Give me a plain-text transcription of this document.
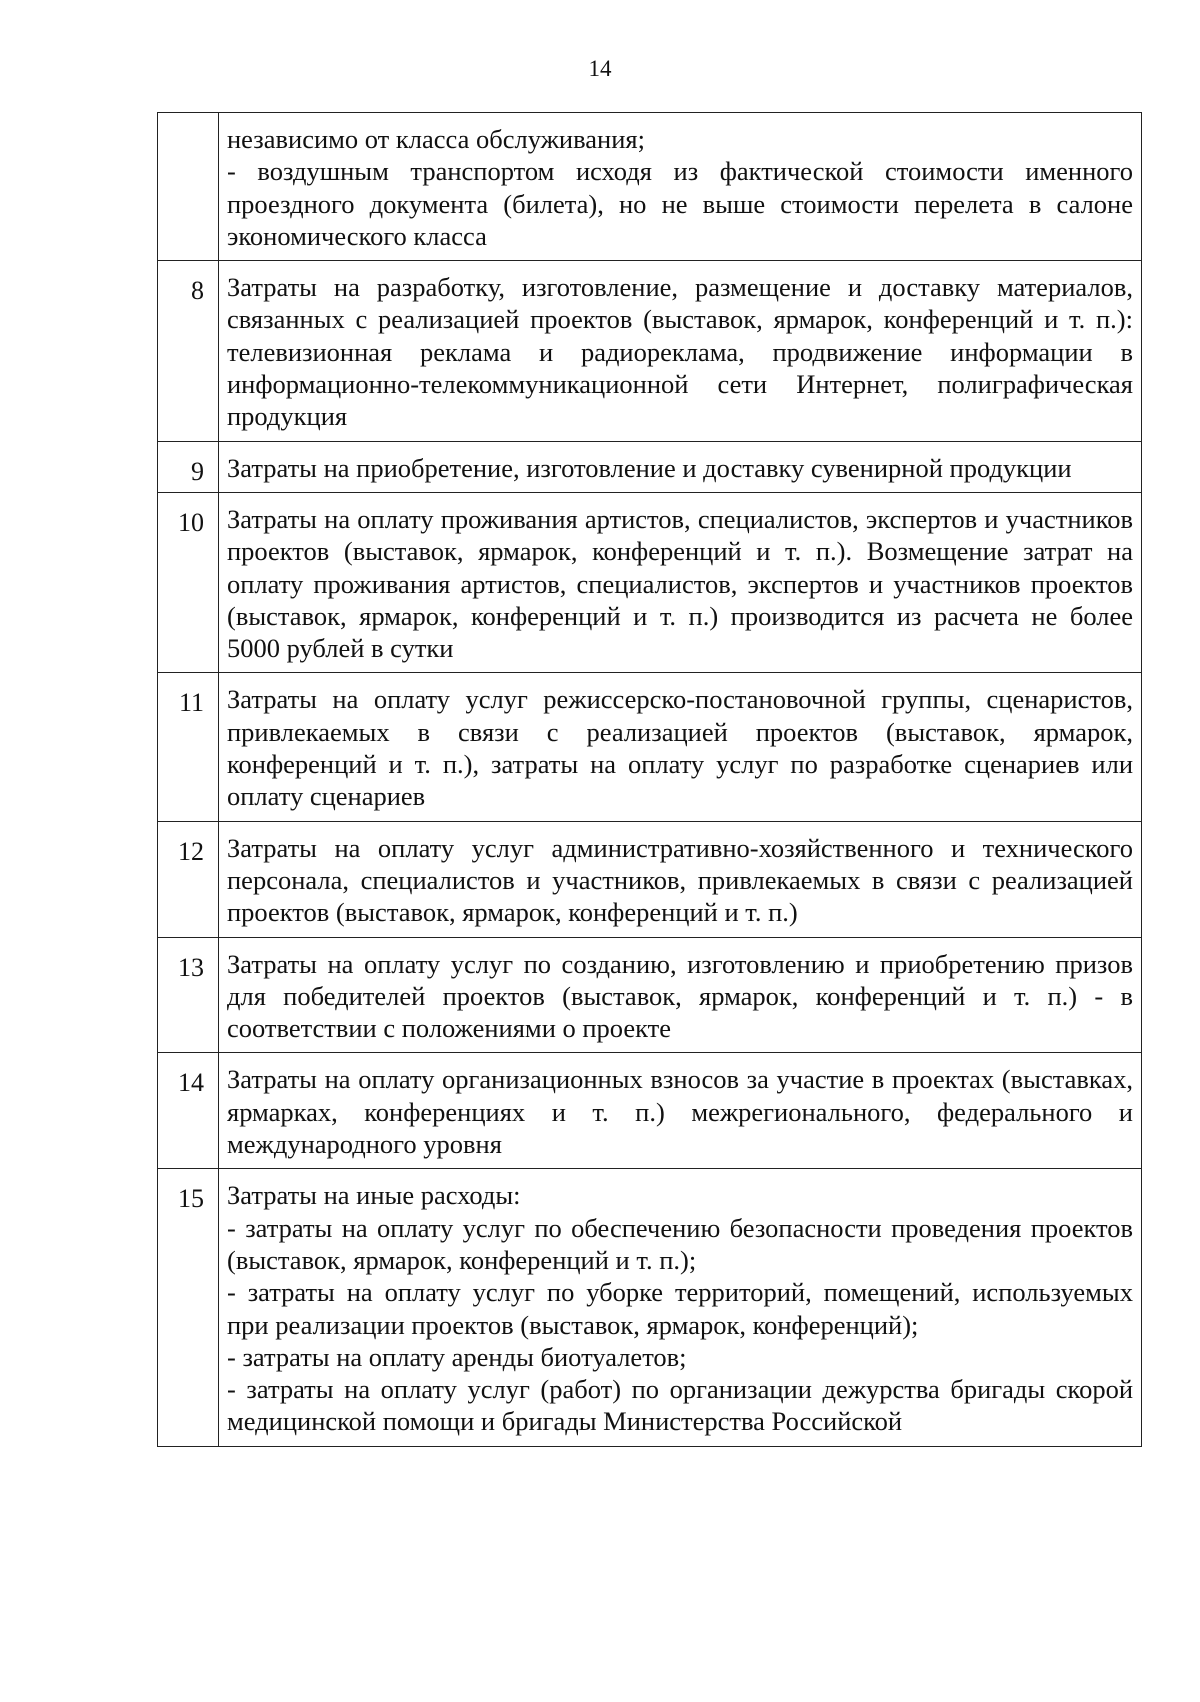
14

	независимо от класса обслуживания;

- воздушным транспортом исходя из фактической стоимости именного проездного документа (билета), но не выше стоимости перелета в салоне экономического класса

8	Затраты на разработку, изготовление, размещение и доставку материалов, связанных с реализацией проектов (выставок, ярмарок, конференций и т. п.): телевизионная реклама и радиореклама, продвижение информации в информационно-телекоммуникационной сети Интернет, полиграфическая продукция

9	Затраты на приобретение, изготовление и доставку сувенирной продукции

10	Затраты на оплату проживания артистов, специалистов, экспертов и участников проектов (выставок, ярмарок, конференций и т. п.). Возмещение затрат на оплату проживания артистов, специалистов, экспертов и участников проектов (выставок, ярмарок, конференций и т. п.) производится из расчета не более 5000 рублей в сутки

11	Затраты на оплату услуг режиссерско-постановочной группы, сценаристов, привлекаемых в связи с реализацией проектов (выставок, ярмарок, конференций и т. п.), затраты на оплату услуг по разработке сценариев или оплату сценариев

12	Затраты на оплату услуг административно-хозяйственного и технического персонала, специалистов и участников, привлекаемых в связи с реализацией проектов (выставок, ярмарок, конференций и т. п.)

13	Затраты на оплату услуг по созданию, изготовлению и приобретению призов для победителей проектов (выставок, ярмарок, конференций и т. п.) - в соответствии с положениями о проекте

14	Затраты на оплату организационных взносов за участие в проектах (выставках, ярмарках, конференциях и т. п.) межрегионального, федерального и международного уровня

15	Затраты на иные расходы:

- затраты на оплату услуг по обеспечению безопасности проведения проектов (выставок, ярмарок, конференций и т. п.);

- затраты на оплату услуг по уборке территорий, помещений, используемых при реализации проектов (выставок, ярмарок, конференций);

- затраты на оплату аренды биотуалетов;

- затраты на оплату услуг (работ) по организации дежурства бригады скорой медицинской помощи и бригады Министерства Российской
